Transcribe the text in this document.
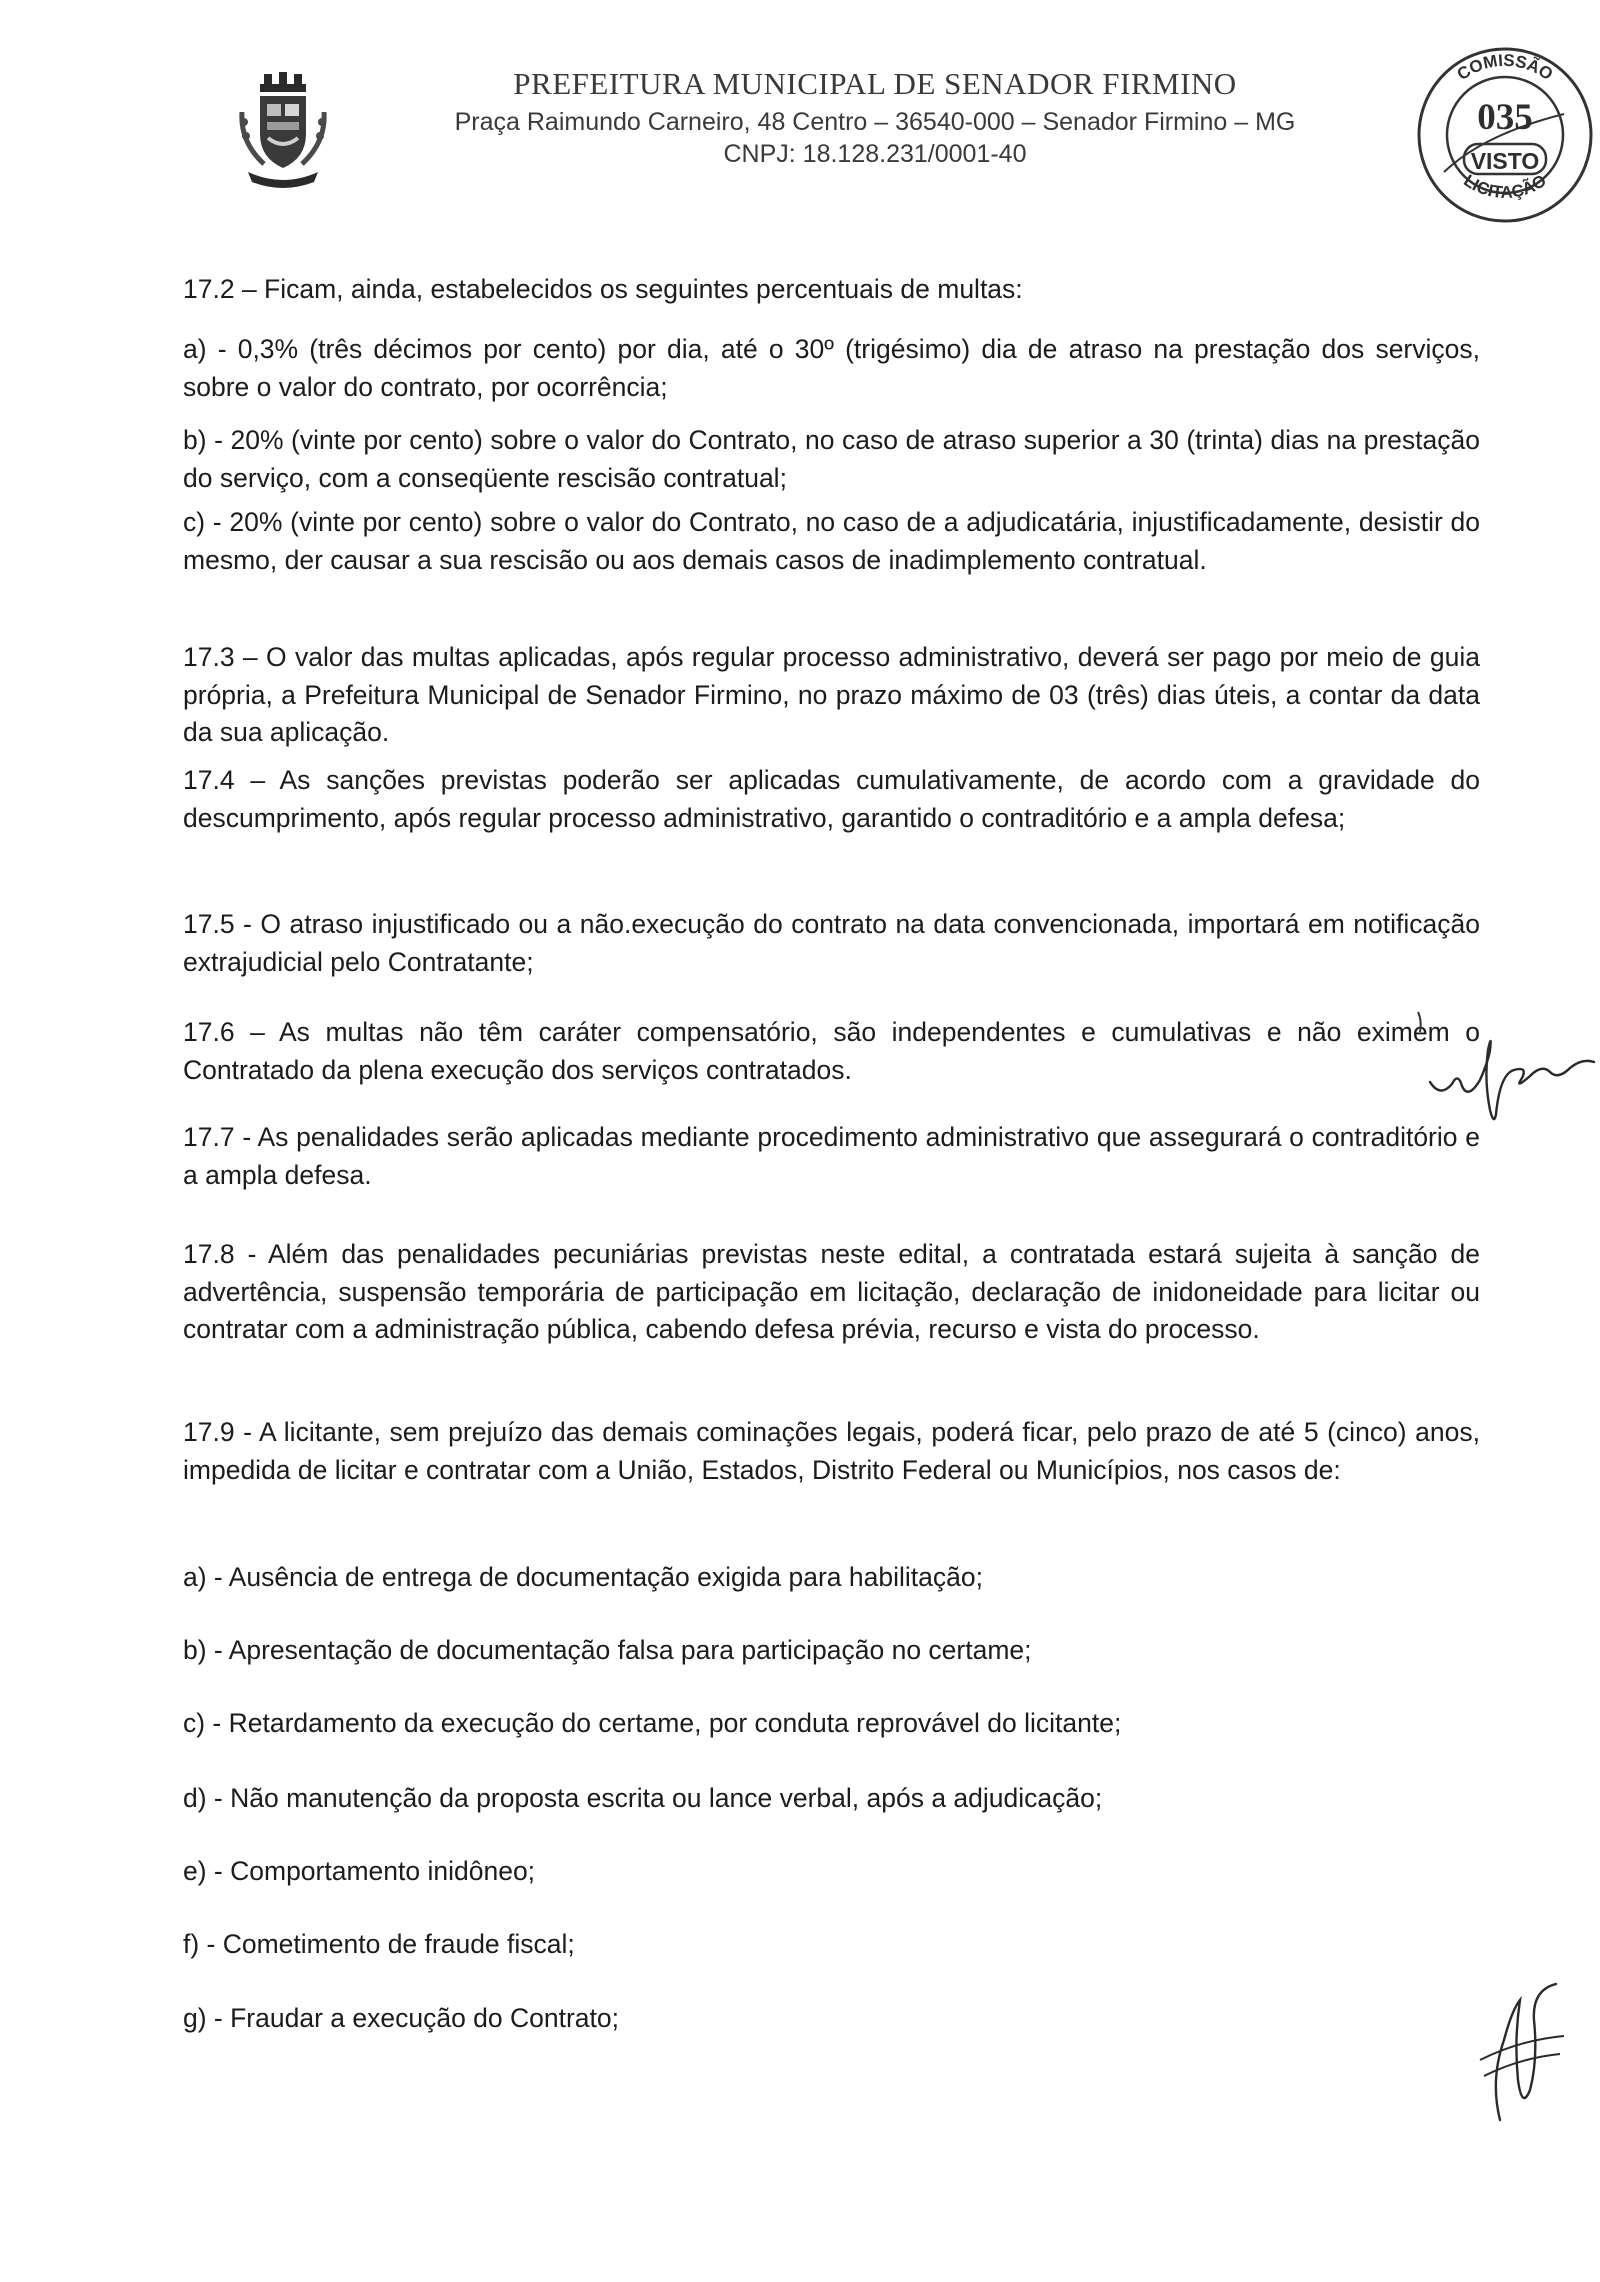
PREFEITURA MUNICIPAL DE SENADOR FIRMINO
Praça Raimundo Carneiro, 48 Centro – 36540-000 – Senador Firmino – MG
CNPJ: 18.128.231/0001-40
COMISSÃO
LICITAÇÃO
035
VISTO
17.2 – Ficam, ainda, estabelecidos os seguintes percentuais de multas:
a) - 0,3% (três décimos por cento) por dia, até o 30º (trigésimo) dia de atraso na prestação dos serviços, sobre o valor do contrato, por ocorrência;
b) - 20% (vinte por cento) sobre o valor do Contrato, no caso de atraso superior a 30 (trinta) dias na prestação do serviço, com a conseqüente rescisão contratual;
c) - 20% (vinte por cento) sobre o valor do Contrato, no caso de a adjudicatária, injustificadamente, desistir do mesmo, der causar a sua rescisão ou aos demais casos de inadimplemento contratual.
17.3 – O valor das multas aplicadas, após regular processo administrativo, deverá ser pago por meio de guia própria, a Prefeitura Municipal de Senador Firmino, no prazo máximo de 03 (três) dias úteis, a contar da data da sua aplicação.
17.4 – As sanções previstas poderão ser aplicadas cumulativamente, de acordo com a gravidade do descumprimento, após regular processo administrativo, garantido o contraditório e a ampla defesa;
17.5 - O atraso injustificado ou a não.execução do contrato na data convencionada, importará em notificação extrajudicial pelo Contratante;
17.6 – As multas não têm caráter compensatório, são independentes e cumulativas e não eximem o Contratado da plena execução dos serviços contratados.
17.7 - As penalidades serão aplicadas mediante procedimento administrativo que assegurará o contraditório e a ampla defesa.
17.8 - Além das penalidades pecuniárias previstas neste edital, a contratada estará sujeita à sanção de advertência, suspensão temporária de participação em licitação, declaração de inidoneidade para licitar ou contratar com a administração pública, cabendo defesa prévia, recurso e vista do processo.
17.9 - A licitante, sem prejuízo das demais cominações legais, poderá ficar, pelo prazo de até 5 (cinco) anos, impedida de licitar e contratar com a União, Estados, Distrito Federal ou Municípios, nos casos de:
a) - Ausência de entrega de documentação exigida para habilitação;
b) - Apresentação de documentação falsa para participação no certame;
c) - Retardamento da execução do certame, por conduta reprovável do licitante;
d) - Não manutenção da proposta escrita ou lance verbal, após a adjudicação;
e) - Comportamento inidôneo;
f) - Cometimento de fraude fiscal;
g) - Fraudar a execução do Contrato;
